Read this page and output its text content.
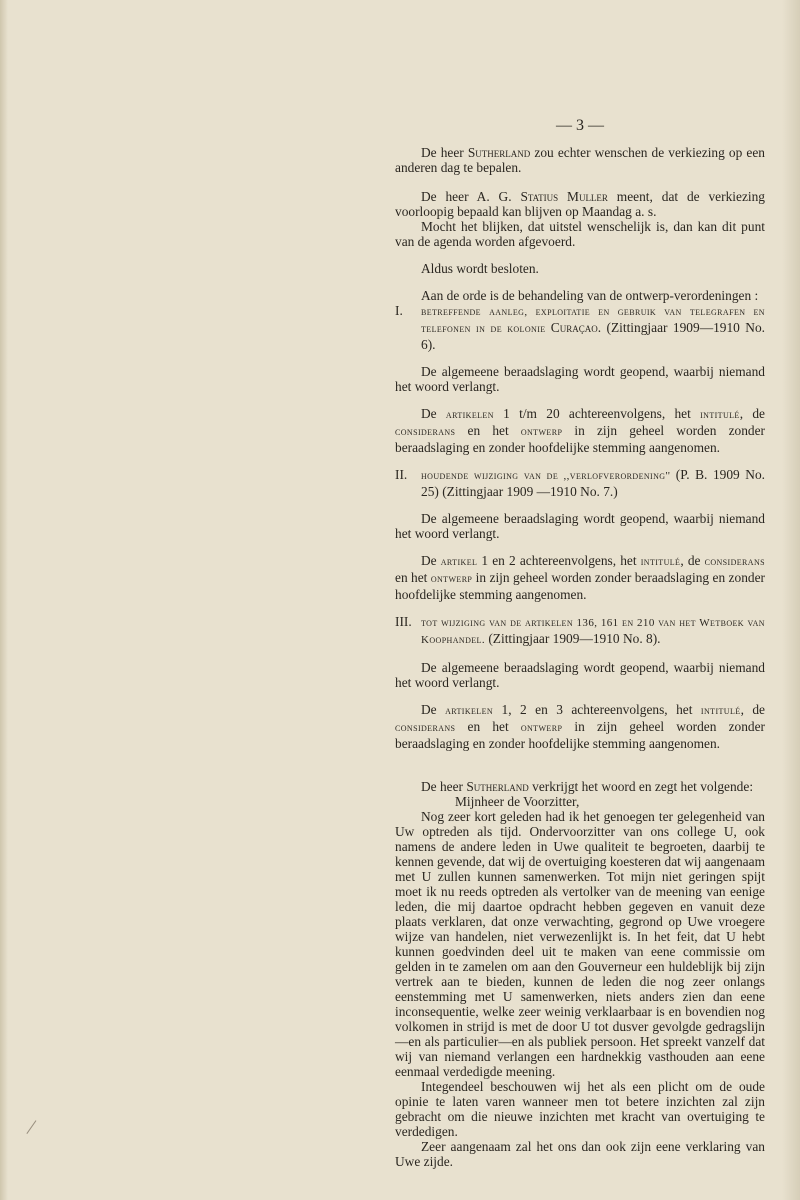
— 3 —

De heer Sutherland zou echter wenschen de verkiezing op een anderen dag te bepalen.

De heer A. G. Statius Muller meent, dat de verkiezing voorloopig bepaald kan blijven op Maandag a. s.

Mocht het blijken, dat uitstel wenschelijk is, dan kan dit punt van de agenda worden afgevoerd.

Aldus wordt besloten.

Aan de orde is de behandeling van de ontwerp-verordeningen :

I.	betreffende aanleg, exploitatie en gebruik van telegrafen en telefonen in de kolonie Curaçao. (Zittingjaar 1909—1910 No. 6).

De algemeene beraadslaging wordt geopend, waarbij niemand het woord verlangt.

De artikelen 1 t/m 20 achtereenvolgens, het intitulé, de considerans en het ontwerp in zijn geheel worden zonder beraadslaging en zonder hoofdelijke stemming aangenomen.

II.	houdende wijziging van de ,,verlofverordening'' (P. B. 1909 No. 25) (Zittingjaar 1909 —1910 No. 7.)

De algemeene beraadslaging wordt geopend, waarbij niemand het woord verlangt.

De artikel 1 en 2 achtereenvolgens, het intitulé, de considerans en het ontwerp in zijn geheel worden zonder beraadslaging en zonder hoofdelijke stemming aangenomen.

III. tot wijziging van de artikelen 136, 161 en 210 van het Wetboek van Koophandel. (Zittingjaar 1909—1910 No. 8).

De algemeene beraadslaging wordt geopend, waarbij niemand het woord verlangt.

De artikelen 1, 2 en 3 achtereenvolgens, het intitulé, de considerans en het ontwerp in zijn geheel worden zonder beraadslaging en zonder hoofdelijke stemming aangenomen.

De heer Sutherland verkrijgt het woord en zegt het volgende:

Mijnheer de Voorzitter,

Nog zeer kort geleden had ik het genoegen ter gelegenheid van Uw optreden als tijd. Ondervoorzitter van ons college U, ook namens de andere leden in Uwe qualiteit te begroeten, daarbij te kennen gevende, dat wij de overtuiging koesteren dat wij aangenaam met U zullen kunnen samenwerken. Tot mijn niet geringen spijt moet ik nu reeds optreden als vertolker van de meening van eenige leden, die mij daartoe opdracht hebben gegeven en vanuit deze plaats verklaren, dat onze verwachting, gegrond op Uwe vroegere wijze van handelen, niet verwezenlijkt is. In het feit, dat U hebt kunnen goedvinden deel uit te maken van eene commissie om gelden in te zamelen om aan den Gouverneur een huldeblijk bij zijn vertrek aan te bieden, kunnen de leden die nog zeer onlangs eenstemming met U samenwerken, niets anders zien dan eene inconsequentie, welke zeer weinig verklaarbaar is en bovendien nog volkomen in strijd is met de door U tot dusver gevolgde gedragslijn—en als particulier—en als publiek persoon. Het spreekt vanzelf dat wij van niemand verlangen een hardnekkig vasthouden aan eene eenmaal verdedigde meening.

Integendeel beschouwen wij het als een plicht om de oude opinie te laten varen wanneer men tot betere inzichten zal zijn gebracht om die nieuwe inzichten met kracht van overtuiging te verdedigen.

Zeer aangenaam zal het ons dan ook zijn eene verklaring van Uwe zijde.
